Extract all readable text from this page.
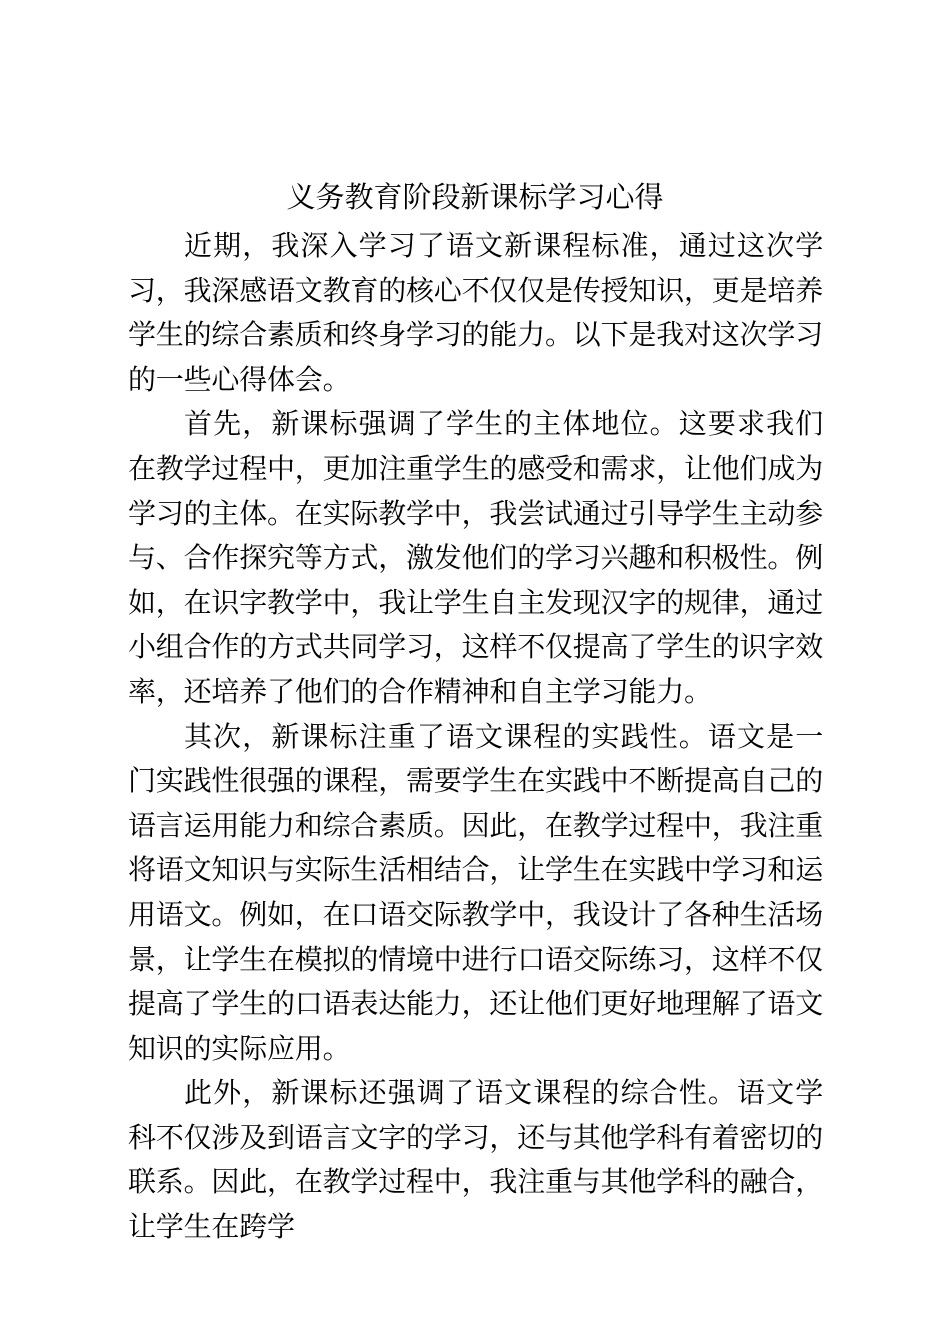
义务教育阶段新课标学习心得

近期，我深入学习了语文新课程标准，通过这次学习，我深感语文教育的核心不仅仅是传授知识，更是培养学生的综合素质和终身学习的能力。以下是我对这次学习的一些心得体会。

首先，新课标强调了学生的主体地位。这要求我们在教学过程中，更加注重学生的感受和需求，让他们成为学习的主体。在实际教学中，我尝试通过引导学生主动参与、合作探究等方式，激发他们的学习兴趣和积极性。例如，在识字教学中，我让学生自主发现汉字的规律，通过小组合作的方式共同学习，这样不仅提高了学生的识字效率，还培养了他们的合作精神和自主学习能力。

其次，新课标注重了语文课程的实践性。语文是一门实践性很强的课程，需要学生在实践中不断提高自己的语言运用能力和综合素质。因此，在教学过程中，我注重将语文知识与实际生活相结合，让学生在实践中学习和运用语文。例如，在口语交际教学中，我设计了各种生活场景，让学生在模拟的情境中进行口语交际练习，这样不仅提高了学生的口语表达能力，还让他们更好地理解了语文知识的实际应用。

此外，新课标还强调了语文课程的综合性。语文学科不仅涉及到语言文字的学习，还与其他学科有着密切的联系。因此，在教学过程中，我注重与其他学科的融合，让学生在跨学
